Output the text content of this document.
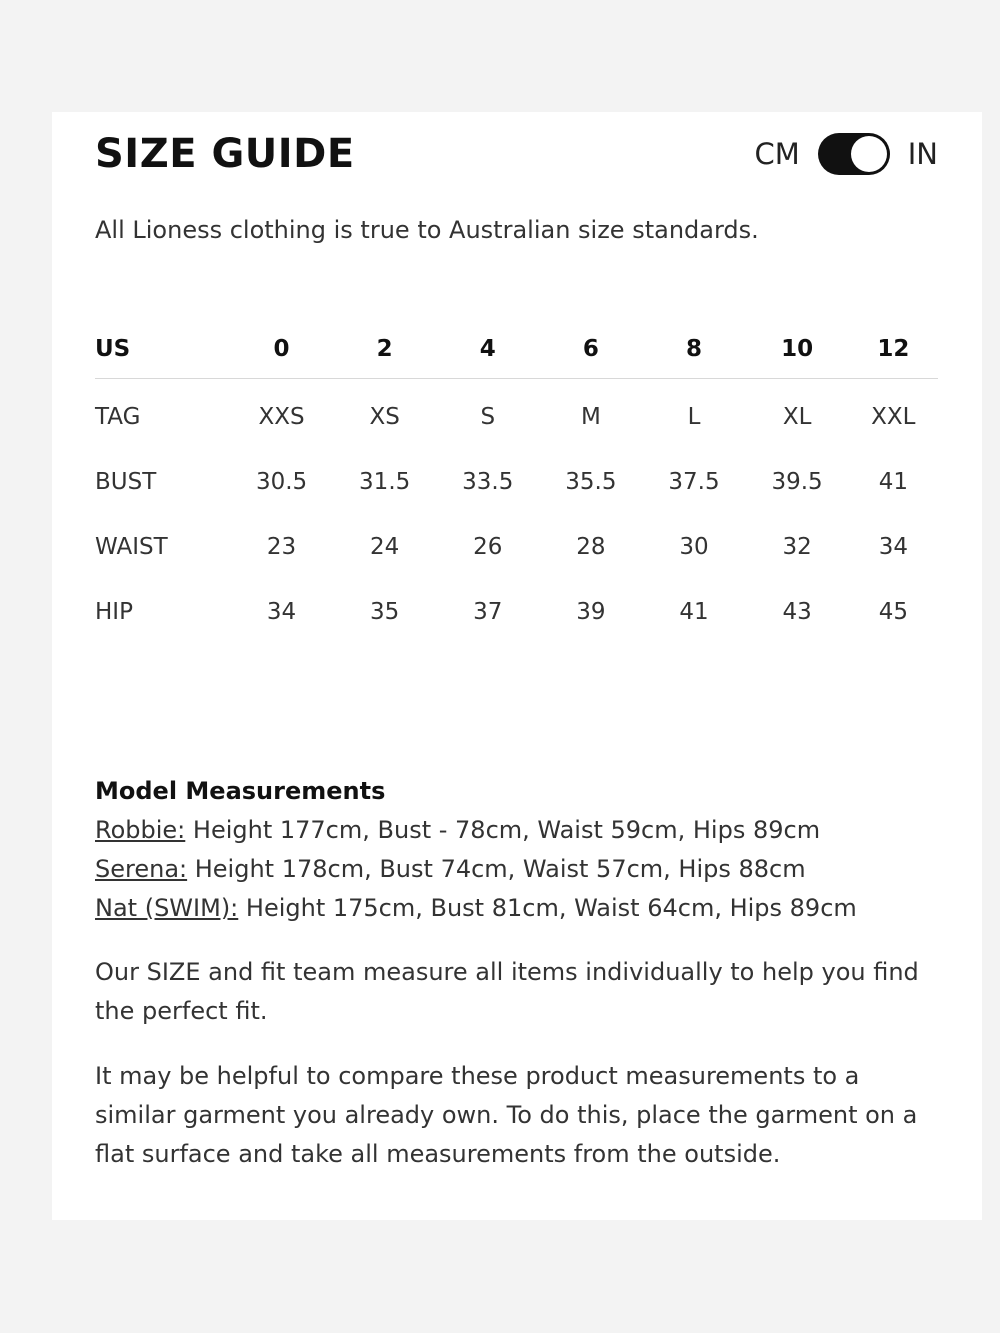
SIZE GUIDE	CM	IN

All Lioness clothing is true to Australian size standards.

US	0	2	4	6	8	10	12
TAG	XXS	XS	S	M	L	XL	XXL
BUST	30.5	31.5	33.5	35.5	37.5	39.5	41
WAIST	23	24	26	28	30	32	34
HIP	34	35	37	39	41	43	45

Model Measurements

Robbie: Height 177cm, Bust - 78cm, Waist 59cm, Hips 89cm

Serena: Height 178cm, Bust 74cm, Waist 57cm, Hips 88cm

Nat (SWIM): Height 175cm, Bust 81cm, Waist 64cm, Hips 89cm

Our SIZE and fit team measure all items individually to help you find the perfect fit.

It may be helpful to compare these product measurements to a similar garment you already own. To do this, place the garment on a flat surface and take all measurements from the outside.
